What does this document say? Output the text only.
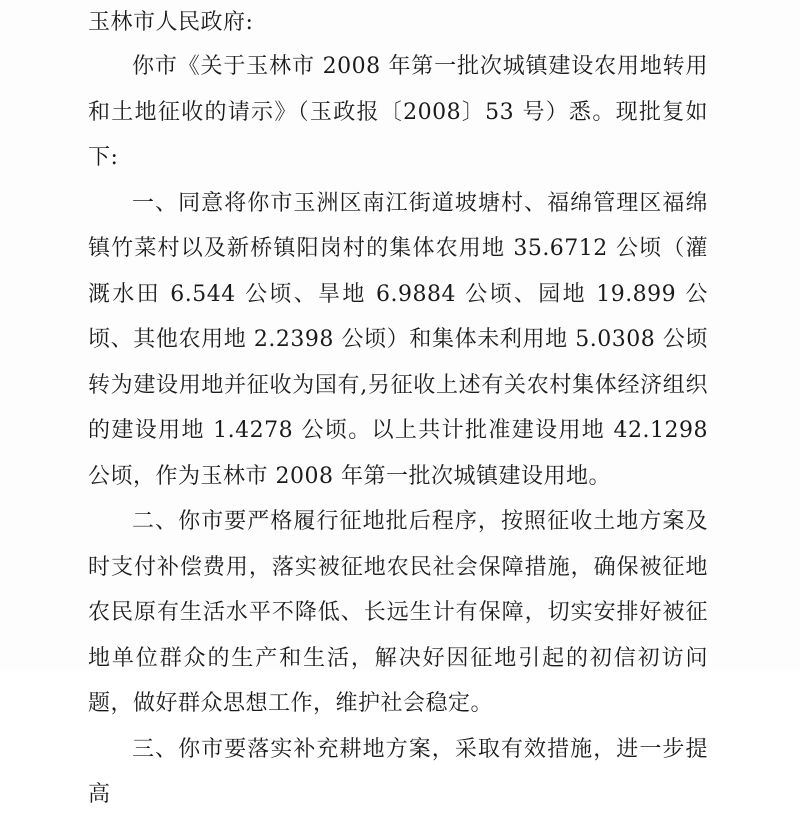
玉林市人民政府:

你市《关于玉林市 2008 年第一批次城镇建设农用地转用和土地征收的请示》（玉政报〔2008〕53 号）悉。现批复如下:

一、同意将你市玉洲区南江街道坡塘村、福绵管理区福绵镇竹菜村以及新桥镇阳岗村的集体农用地 35.6712 公顷（灌溉水田 6.544 公顷、旱地 6.9884 公顷、园地 19.899 公顷、其他农用地 2.2398 公顷）和集体未利用地 5.0308 公顷转为建设用地并征收为国有,另征收上述有关农村集体经济组织的建设用地 1.4278 公顷。以上共计批准建设用地 42.1298 公顷，作为玉林市 2008 年第一批次城镇建设用地。

二、你市要严格履行征地批后程序，按照征收土地方案及时支付补偿费用，落实被征地农民社会保障措施，确保被征地农民原有生活水平不降低、长远生计有保障，切实安排好被征地单位群众的生产和生活，解决好因征地引起的初信初访问题，做好群众思想工作，维护社会稳定。

三、你市要落实补充耕地方案，采取有效措施，进一步提高
